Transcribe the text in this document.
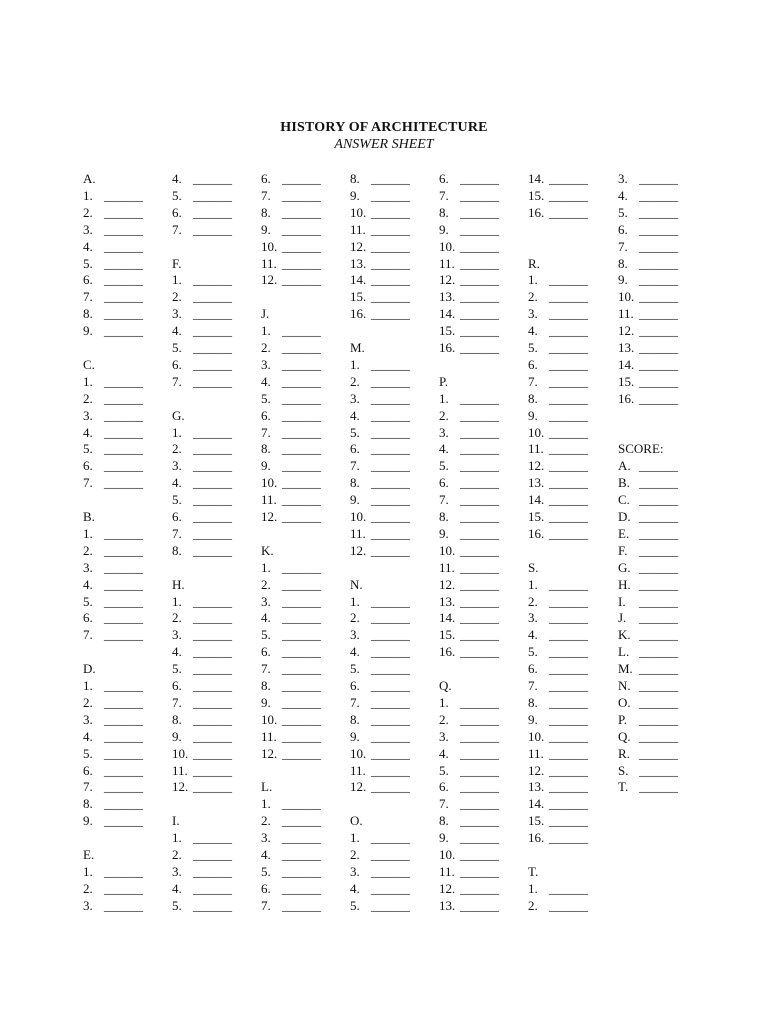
HISTORY OF ARCHITECTURE
ANSWER SHEET
A.
1. ______
2. ______
3. ______
4. ______
5. ______
6. ______
7. ______
8. ______
9. ______
C.
1. ______
2. ______
3. ______
4. ______
5. ______
6. ______
7. ______
B.
1. ______
2. ______
3. ______
4. ______
5. ______
6. ______
7. ______
D.
1. ______
2. ______
3. ______
4. ______
5. ______
6. ______
7. ______
8. ______
9. ______
E.
1. ______
2. ______
3. ______
4. ______
5. ______
6. ______
7. ______
F.
1. ______
2. ______
3. ______
4. ______
5. ______
6. ______
7. ______
G.
1. ______
2. ______
3. ______
4. ______
5. ______
6. ______
7. ______
8. ______
H.
1. ______
2. ______
3. ______
4. ______
5. ______
6. ______
7. ______
8. ______
9. ______
10. ______
11. ______
12. ______
I.
1. ______
2. ______
3. ______
4. ______
5. ______
6. ______
7. ______
8. ______
9. ______
10. ______
11. ______
12. ______
J.
1. ______
2. ______
3. ______
4. ______
5. ______
6. ______
7. ______
8. ______
9. ______
10. ______
11. ______
12. ______
K.
1. ______
2. ______
3. ______
4. ______
5. ______
6. ______
7. ______
8. ______
9. ______
10. ______
11. ______
12. ______
L.
1. ______
2. ______
3. ______
4. ______
5. ______
6. ______
7. ______
8. ______
9. ______
10. ______
11. ______
12. ______
13. ______
14. ______
15. ______
16. ______
M.
1. ______
2. ______
3. ______
4. ______
5. ______
6. ______
7. ______
8. ______
9. ______
10. ______
11. ______
12. ______
N.
1. ______
2. ______
3. ______
4. ______
5. ______
6. ______
7. ______
8. ______
9. ______
10. ______
11. ______
12. ______
O.
1. ______
2. ______
3. ______
4. ______
5. ______
6. ______
7. ______
8. ______
9. ______
10. ______
11. ______
12. ______
13. ______
14. ______
15. ______
16. ______
P.
1. ______
2. ______
3. ______
4. ______
5. ______
6. ______
7. ______
8. ______
9. ______
10. ______
11. ______
12. ______
13. ______
14. ______
15. ______
16. ______
Q.
1. ______
2. ______
3. ______
4. ______
5. ______
6. ______
7. ______
8. ______
9. ______
10. ______
11. ______
12. ______
13. ______
14. ______
15. ______
16. ______
R.
1. ______
2. ______
3. ______
4. ______
5. ______
6. ______
7. ______
8. ______
9. ______
10. ______
11. ______
12. ______
13. ______
14. ______
15. ______
16. ______
S.
1. ______
2. ______
3. ______
4. ______
5. ______
6. ______
7. ______
8. ______
9. ______
10. ______
11. ______
12. ______
13. ______
14. ______
15. ______
16. ______
T.
1. ______
2. ______
3. ______
4. ______
5. ______
6. ______
7. ______
8. ______
9. ______
10. ______
11. ______
12. ______
13. ______
14. ______
15. ______
16. ______
SCORE:
A. ______
B. ______
C. ______
D. ______
E. ______
F. ______
G. ______
H. ______
I. ______
J. ______
K. ______
L. ______
M. ______
N. ______
O. ______
P. ______
Q. ______
R. ______
S. ______
T. ______
